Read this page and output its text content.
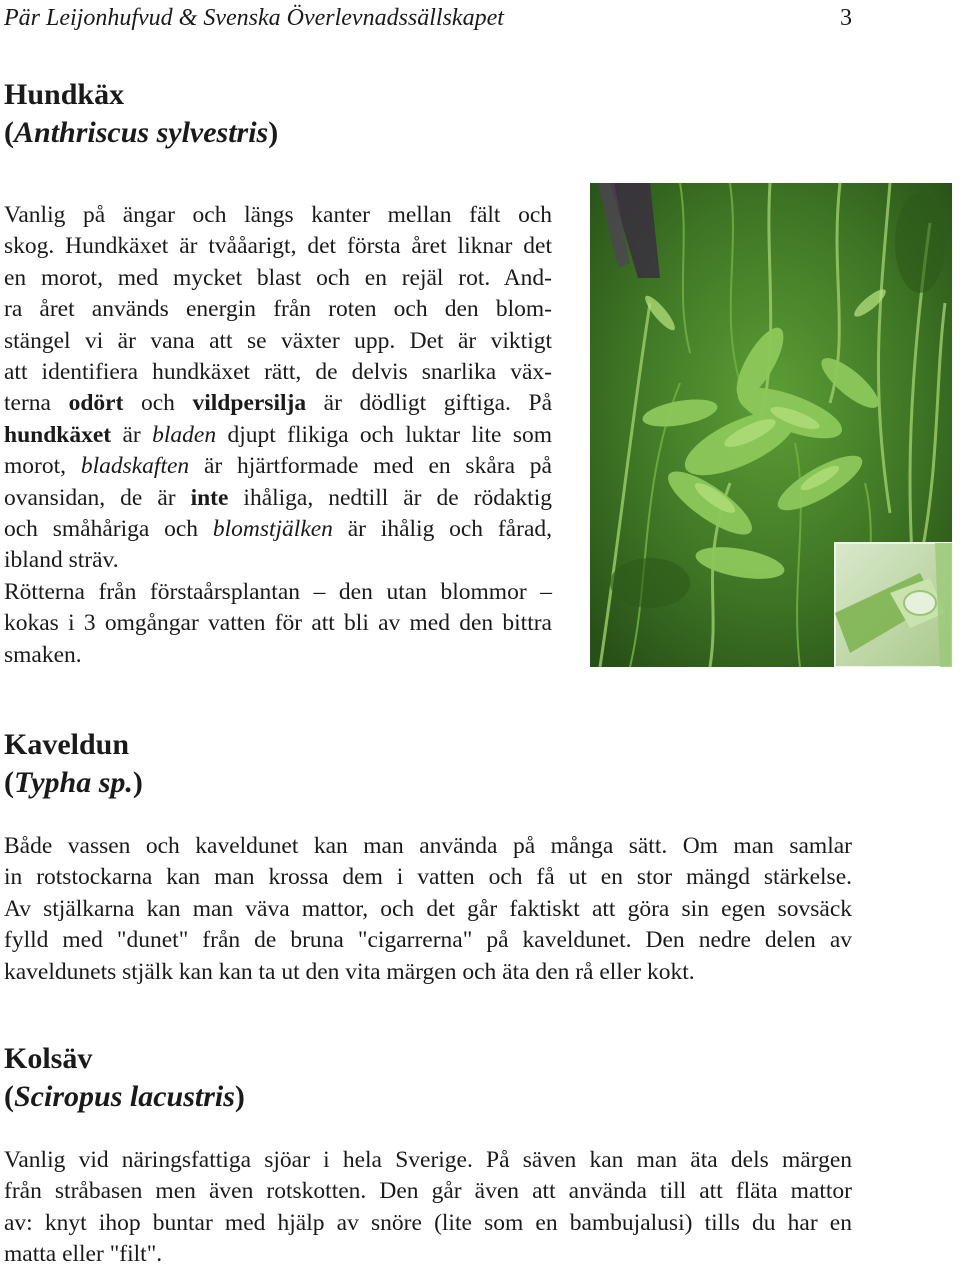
Pär Leijonhufvud & Svenska Överlevnadssällskapet	3
Hundkäx
(Anthriscus sylvestris)
Vanlig på ängar och längs kanter mellan fält och
skog. Hundkäxet är tvååarigt, det första året liknar det
en morot, med mycket blast och en rejäl rot. And-
ra året används energin från roten och den blom-
stängel vi är vana att se växter upp. Det är viktigt
att identifiera hundkäxet rätt, de delvis snarlika väx-
terna odört och vildpersilja är dödligt giftiga. På
hundkäxet är bladen djupt flikiga och luktar lite som
morot, bladskaften är hjärtformade med en skåra på
ovansidan, de är inte ihåliga, nedtill är de rödaktig
och småhåriga och blomstjälken är ihålig och fårad,
ibland sträv.
Rötterna från förstaårsplantan – den utan blommor –
kokas i 3 omgångar vatten för att bli av med den bittra
smaken.
Kaveldun
(Typha sp.)
Både vassen och kaveldunet kan man använda på många sätt. Om man samlar
in rotstockarna kan man krossa dem i vatten och få ut en stor mängd stärkelse.
Av stjälkarna kan man väva mattor, och det går faktiskt att göra sin egen sovsäck
fylld med "dunet" från de bruna "cigarrerna" på kaveldunet. Den nedre delen av
kaveldunets stjälk kan kan ta ut den vita märgen och äta den rå eller kokt.
Kolsäv
(Sciropus lacustris)
Vanlig vid näringsfattiga sjöar i hela Sverige. På säven kan man äta dels märgen
från stråbasen men även rotskotten. Den går även att använda till att fläta mattor
av: knyt ihop buntar med hjälp av snöre (lite som en bambujalusi) tills du har en
matta eller "filt".
